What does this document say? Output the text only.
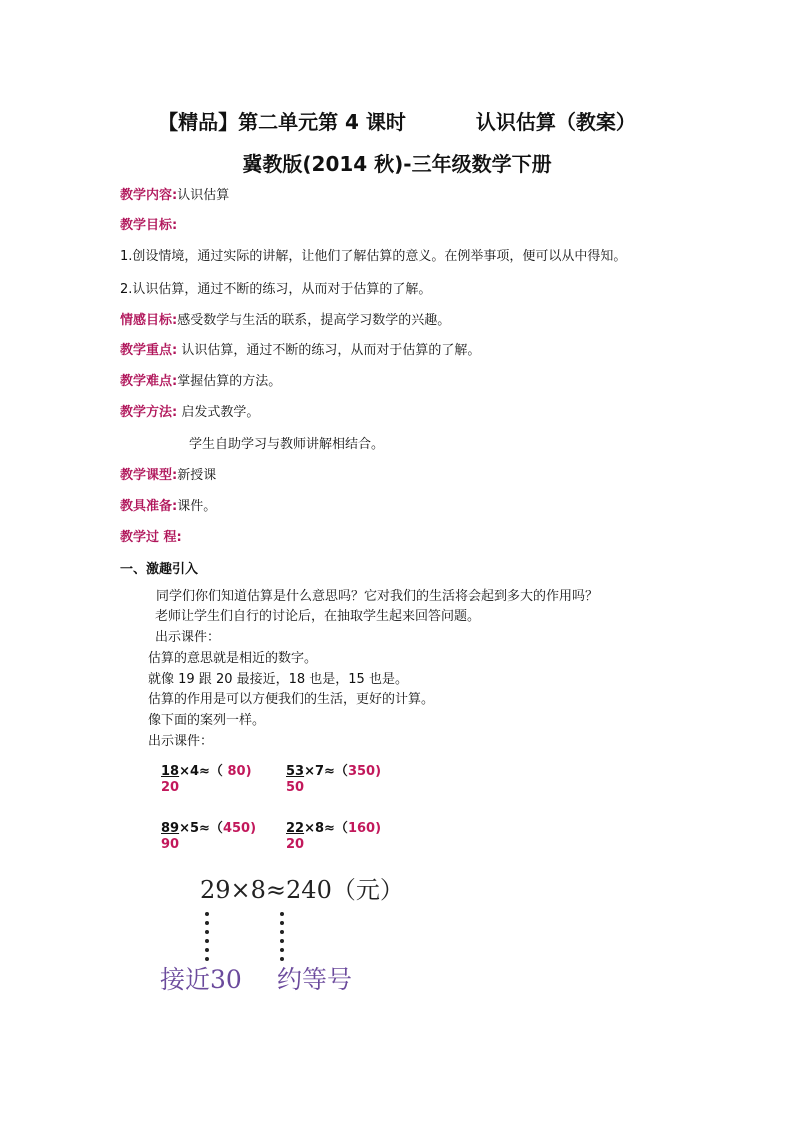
【精品】第二单元第 4 课时	认识估算（教案）
冀教版(2014 秋)-三年级数学下册
教学内容:认识估算
教学目标:
1.创设情境，通过实际的讲解，让他们了解估算的意义。在例举事项，便可以从中得知。
2.认识估算，通过不断的练习，从而对于估算的了解。
情感目标:感受数学与生活的联系，提高学习数学的兴趣。
教学重点: 认识估算，通过不断的练习，从而对于估算的了解。
教学难点:掌握估算的方法。
教学方法: 启发式教学。
学生自助学习与教师讲解相结合。
教学课型:新授课
教具准备:课件。
教学过 程:
一、激趣引入
同学们你们知道估算是什么意思吗？它对我们的生活将会起到多大的作用吗？
老师让学生们自行的讨论后，在抽取学生起来回答问题。
出示课件：
估算的意思就是相近的数字。
就像 19 跟 20 最接近，18 也是，15 也是。
估算的作用是可以方便我们的生活，更好的计算。
像下面的案列一样。
出示课件：
18×4≈（ 80)
20
53×7≈（350)
50
89×5≈（450)
90
22×8≈（160)
20
29×8≈240（元）
接近30 约等号
